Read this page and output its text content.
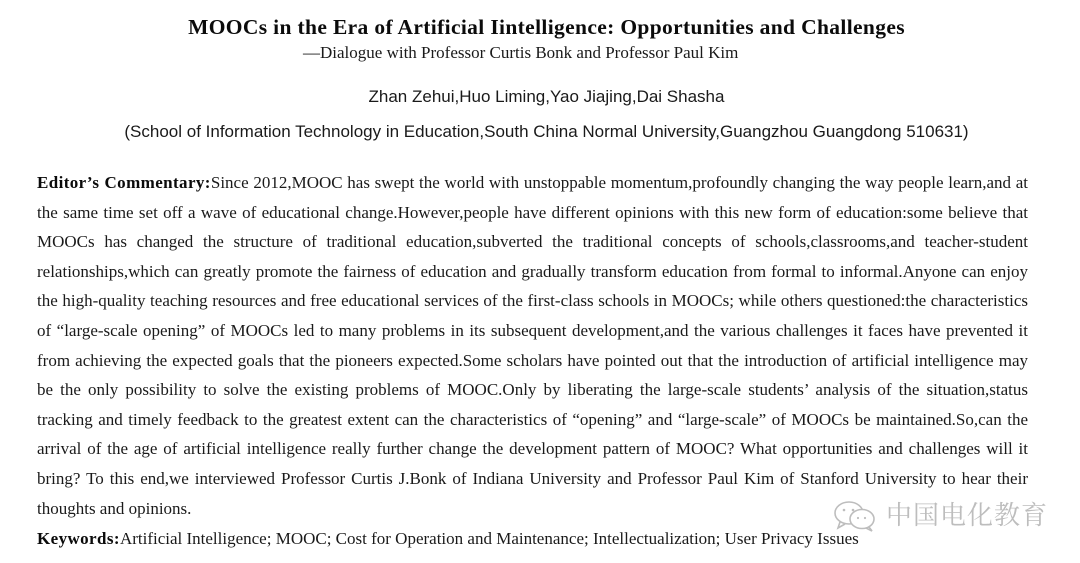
MOOCs in the Era of Artificial Iintelligence: Opportunities and Challenges
—Dialogue with Professor Curtis Bonk and Professor Paul Kim
Zhan Zehui,Huo Liming,Yao Jiajing,Dai Shasha
(School of Information Technology in Education,South China Normal University,Guangzhou Guangdong 510631)
Editor’s Commentary:Since 2012,MOOC has swept the world with unstoppable momentum,profoundly changing the way people learn,and at the same time set off a wave of educational change.However,people have different opinions with this new form of education:some believe that MOOCs has changed the structure of traditional education,subverted the traditional concepts of schools,classrooms,and teacher-student relationships,which can greatly promote the fairness of education and gradually transform education from formal to informal.Anyone can enjoy the high-quality teaching resources and free educational services of the first-class schools in MOOCs; while others questioned:the characteristics of “large-scale opening” of MOOCs led to many problems in its subsequent development,and the various challenges it faces have prevented it from achieving the expected goals that the pioneers expected.Some scholars have pointed out that the introduction of artificial intelligence may be the only possibility to solve the existing problems of MOOC.Only by liberating the large-scale students’ analysis of the situation,status tracking and timely feedback to the greatest extent can the characteristics of “opening” and “large-scale” of MOOCs be maintained.So,can the arrival of the age of artificial intelligence really further change the development pattern of MOOC? What opportunities and challenges will it bring? To this end,we interviewed Professor Curtis J.Bonk of Indiana University and Professor Paul Kim of Stanford University to hear their thoughts and opinions.
Keywords:Artificial Intelligence; MOOC; Cost for Operation and Maintenance; Intellectualization; User Privacy Issues
中国电化教育
